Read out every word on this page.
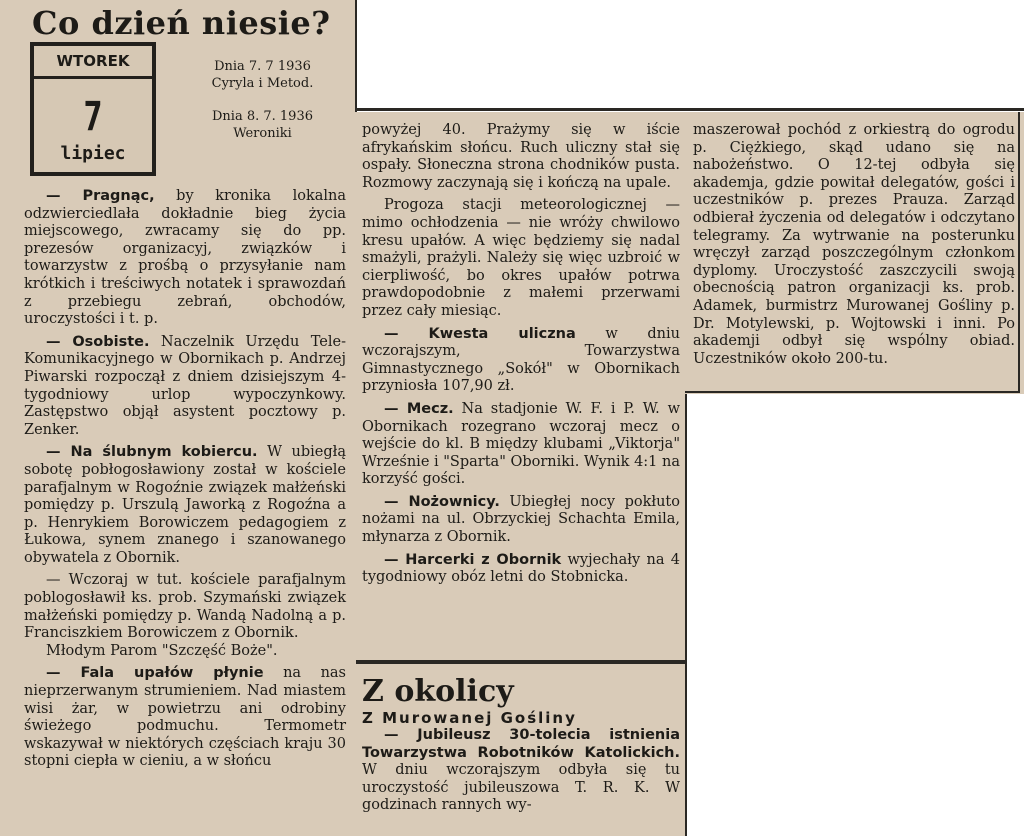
Co dzień niesie?
WTOREK
7
lipiec
Dnia 7. 7 1936
Cyryla i Metod.
Dnia 8. 7. 1936
Weroniki

— Pragnąc, by kronika lokalna odzwierciedlała dokładnie bieg życia miejscowego, zwracamy się do pp. prezesów organizacyj, związków i towarzystw z prośbą o przysyłanie nam krótkich i treściwych notatek i sprawozdań z przebiegu zebrań, obchodów, uroczystości i t. p.

— Osobiste. Naczelnik Urzędu Tele-Komunikacyjnego w Obornikach p. Andrzej Piwarski rozpoczął z dniem dzisiejszym 4-tygodniowy urlop wypoczynkowy. Zastępstwo objął asystent pocztowy p. Zenker.

— Na ślubnym kobiercu. W ubiegłą sobotę pobłogosławiony został w kościele parafjalnym w Rogoźnie związek małżeński pomiędzy p. Urszulą Jaworką z Rogoźna a p. Henrykiem Borowiczem pedagogiem z Łukowa, synem znanego i szanowanego obywatela z Obornik.

— Wczoraj w tut. kościele parafjalnym poblogosławił ks. prob. Szymański związek małżeński pomiędzy p. Wandą Nadolną a p. Franciszkiem Borowiczem z Obornik.

Młodym Parom "Szczęść Boże".

— Fala upałów płynie na nas nieprzerwanym strumieniem. Nad miastem wisi żar, w powietrzu ani odrobiny świeżego podmuchu. Termometr wskazywał w niektórych częściach kraju 30 stopni ciepła w cieniu, a w słońcu

powyżej 40. Prażymy się w iście afrykańskim słońcu. Ruch uliczny stał się ospały. Słoneczna strona chodników pusta. Rozmowy zaczynają się i kończą na upale.

Progoza stacji meteorologicznej — mimo ochłodzenia — nie wróży chwilowo kresu upałów. A więc będziemy się nadal smażyli, prażyli. Należy się więc uzbroić w cierpliwość, bo okres upałów potrwa prawdopodobnie z małemi przerwami przez cały miesiąc.

— Kwesta uliczna w dniu wczorajszym, Towarzystwa Gimnastycznego „Sokół" w Obornikach przyniosła 107,90 zł.

— Mecz. Na stadjonie W. F. i P. W. w Obornikach rozegrano wczoraj mecz o wejście do kl. B między klubami „Viktorja" Wrześnie i "Sparta" Oborniki. Wynik 4:1 na korzyść gości.

— Nożownicy. Ubiegłej nocy pokłuto nożami na ul. Obrzyckiej Schachta Emila, młynarza z Obornik.

— Harcerki z Obornik wyjechały na 4 tygodniowy obóz letni do Stobnicka.

Z okolicy
Z Murowanej Gośliny

— Jubileusz 30-tolecia istnienia Towarzystwa Robotników Katolickich. W dniu wczorajszym odbyła się tu uroczystość jubileuszowa T. R. K. W godzinach rannych wy-

maszerował pochód z orkiestrą do ogrodu p. Ciężkiego, skąd udano się na nabożeństwo. O 12-tej odbyła się akademja, gdzie powitał delegatów, gości i uczestników p. prezes Prauza. Zarząd odbierał życzenia od delegatów i odczytano telegramy. Za wytrwanie na posterunku wręczył zarząd poszczególnym członkom dyplomy. Uroczystość zaszczycili swoją obecnością patron organizacji ks. prob. Adamek, burmistrz Murowanej Gośliny p. Dr. Motylewski, p. Wojtowski i inni. Po akademji odbył się wspólny obiad. Uczestników około 200-tu.
